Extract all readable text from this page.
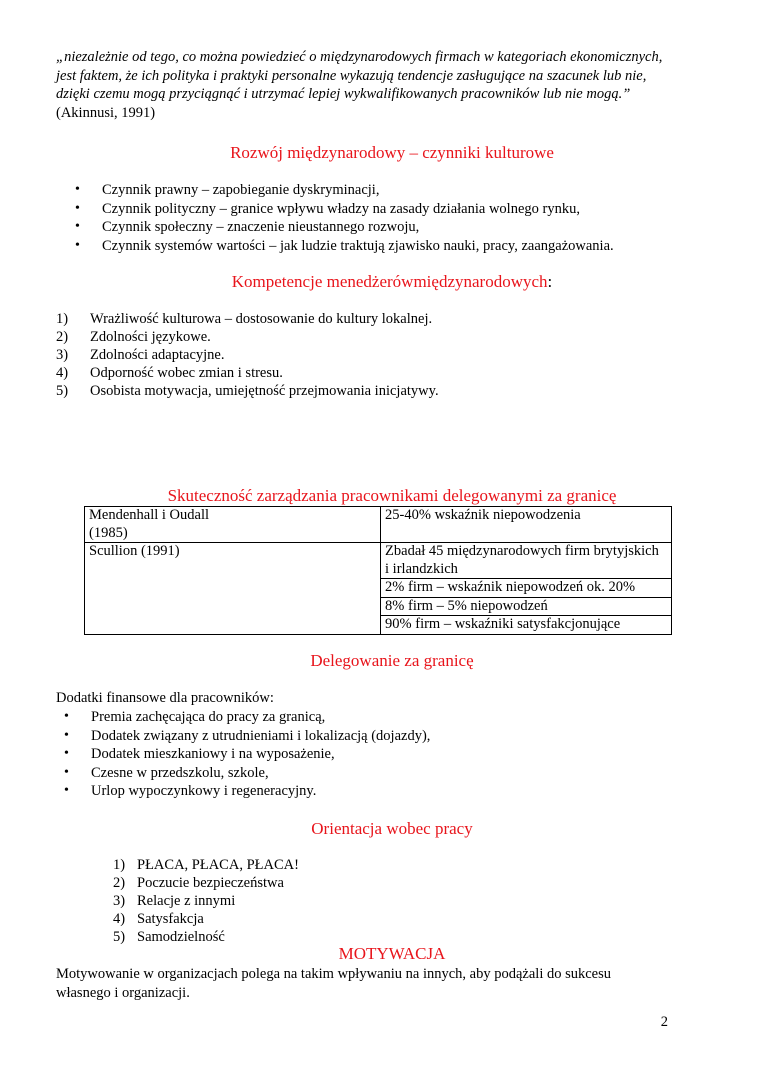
„niezależnie od tego, co można powiedzieć o międzynarodowych firmach w kategoriach ekonomicznych,
jest faktem, że ich polityka i praktyki personalne wykazują tendencje zasługujące na szacunek lub nie,
dzięki czemu mogą przyciągnąć i utrzymać lepiej wykwalifikowanych pracowników lub nie mogą.”
(Akinnusi, 1991)
Rozwój międzynarodowy – czynniki kulturowe
• Czynnik prawny – zapobieganie dyskryminacji,
• Czynnik polityczny – granice wpływu władzy na zasady działania wolnego rynku,
• Czynnik społeczny – znaczenie nieustannego rozwoju,
• Czynnik systemów wartości – jak ludzie traktują zjawisko nauki, pracy, zaangażowania.
Kompetencje menedżerówmiędzynarodowych:
1) Wrażliwość kulturowa – dostosowanie do kultury lokalnej.
2) Zdolności językowe.
3) Zdolności adaptacyjne.
4) Odporność wobec zmian i stresu.
5) Osobista motywacja, umiejętność przejmowania inicjatywy.
Skuteczność zarządzania pracownikami delegowanymi za granicę
Mendenhall i Oudall
(1985)	25-40% wskaźnik niepowodzenia
Scullion (1991)	Zbadał 45 międzynarodowych firm brytyjskich
i irlandzkich

	2% firm – wskaźnik niepowodzeń ok. 20%
	8% firm – 5% niepowodzeń
	90% firm – wskaźniki satysfakcjonujące
Delegowanie za granicę
Dodatki finansowe dla pracowników:
• Premia zachęcająca do pracy za granicą,
• Dodatek związany z utrudnieniami i lokalizacją (dojazdy),
• Dodatek mieszkaniowy i na wyposażenie,
• Czesne w przedszkolu, szkole,
• Urlop wypoczynkowy i regeneracyjny.
Orientacja wobec pracy
1) PŁACA, PŁACA, PŁACA!
2) Poczucie bezpieczeństwa
3) Relacje z innymi
4) Satysfakcja
5) Samodzielność
MOTYWACJA
Motywowanie w organizacjach polega na takim wpływaniu na innych, aby podążali do sukcesu
własnego i organizacji.
2
